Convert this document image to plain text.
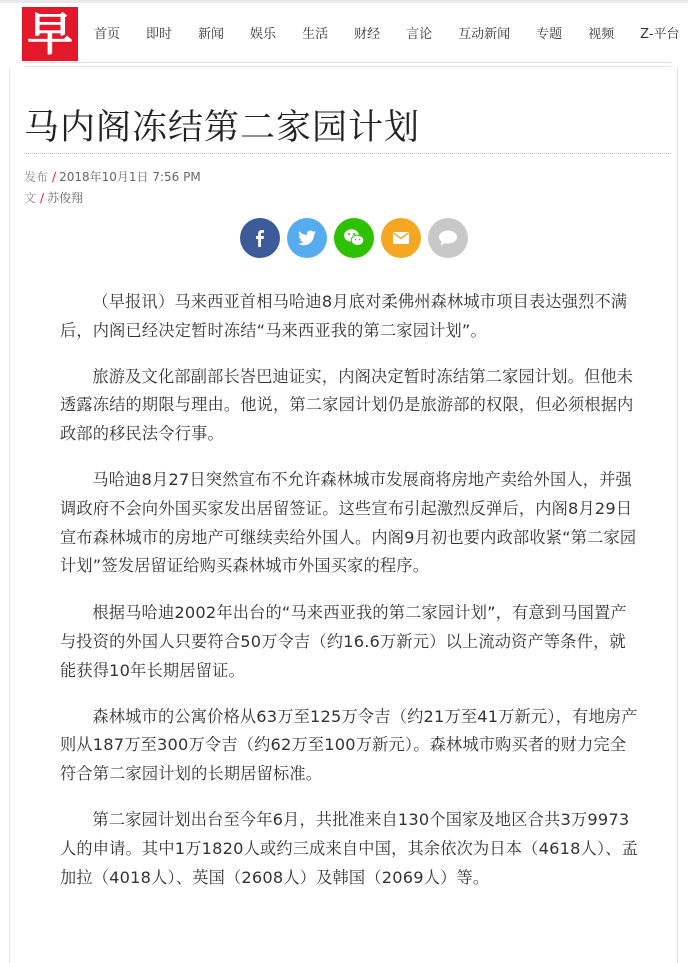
早	首页	即时	新闻	娱乐	生活	财经	言论	互动新闻	专题	视频	Z-平台
马内阁冻结第二家园计划
发布 / 2018年10月1日 7:56 PM
文 / 苏俊翔

（早报讯）马来西亚首相马哈迪8月底对柔佛州森林城市项目表达强烈不满后，内阁已经决定暂时冻结“马来西亚我的第二家园计划”。

旅游及文化部副部长峇巴迪证实，内阁决定暂时冻结第二家园计划。但他未透露冻结的期限与理由。他说，第二家园计划仍是旅游部的权限，但必须根据内政部的移民法令行事。

马哈迪8月27日突然宣布不允许森林城市发展商将房地产卖给外国人，并强调政府不会向外国买家发出居留签证。这些宣布引起激烈反弹后，内阁8月29日宣布森林城市的房地产可继续卖给外国人。内阁9月初也要内政部收紧“第二家园计划”签发居留证给购买森林城市外国买家的程序。

根据马哈迪2002年出台的“马来西亚我的第二家园计划”，有意到马国置产与投资的外国人只要符合50万令吉（约16.6万新元）以上流动资产等条件，就能获得10年长期居留证。

森林城市的公寓价格从63万至125万令吉（约21万至41万新元），有地房产则从187万至300万令吉（约62万至100万新元）。森林城市购买者的财力完全符合第二家园计划的长期居留标准。

第二家园计划出台至今年6月，共批准来自130个国家及地区合共3万9973人的申请。其中1万1820人或约三成来自中国，其余依次为日本（4618人）、孟加拉（4018人）、英国（2608人）及韩国（2069人）等。
